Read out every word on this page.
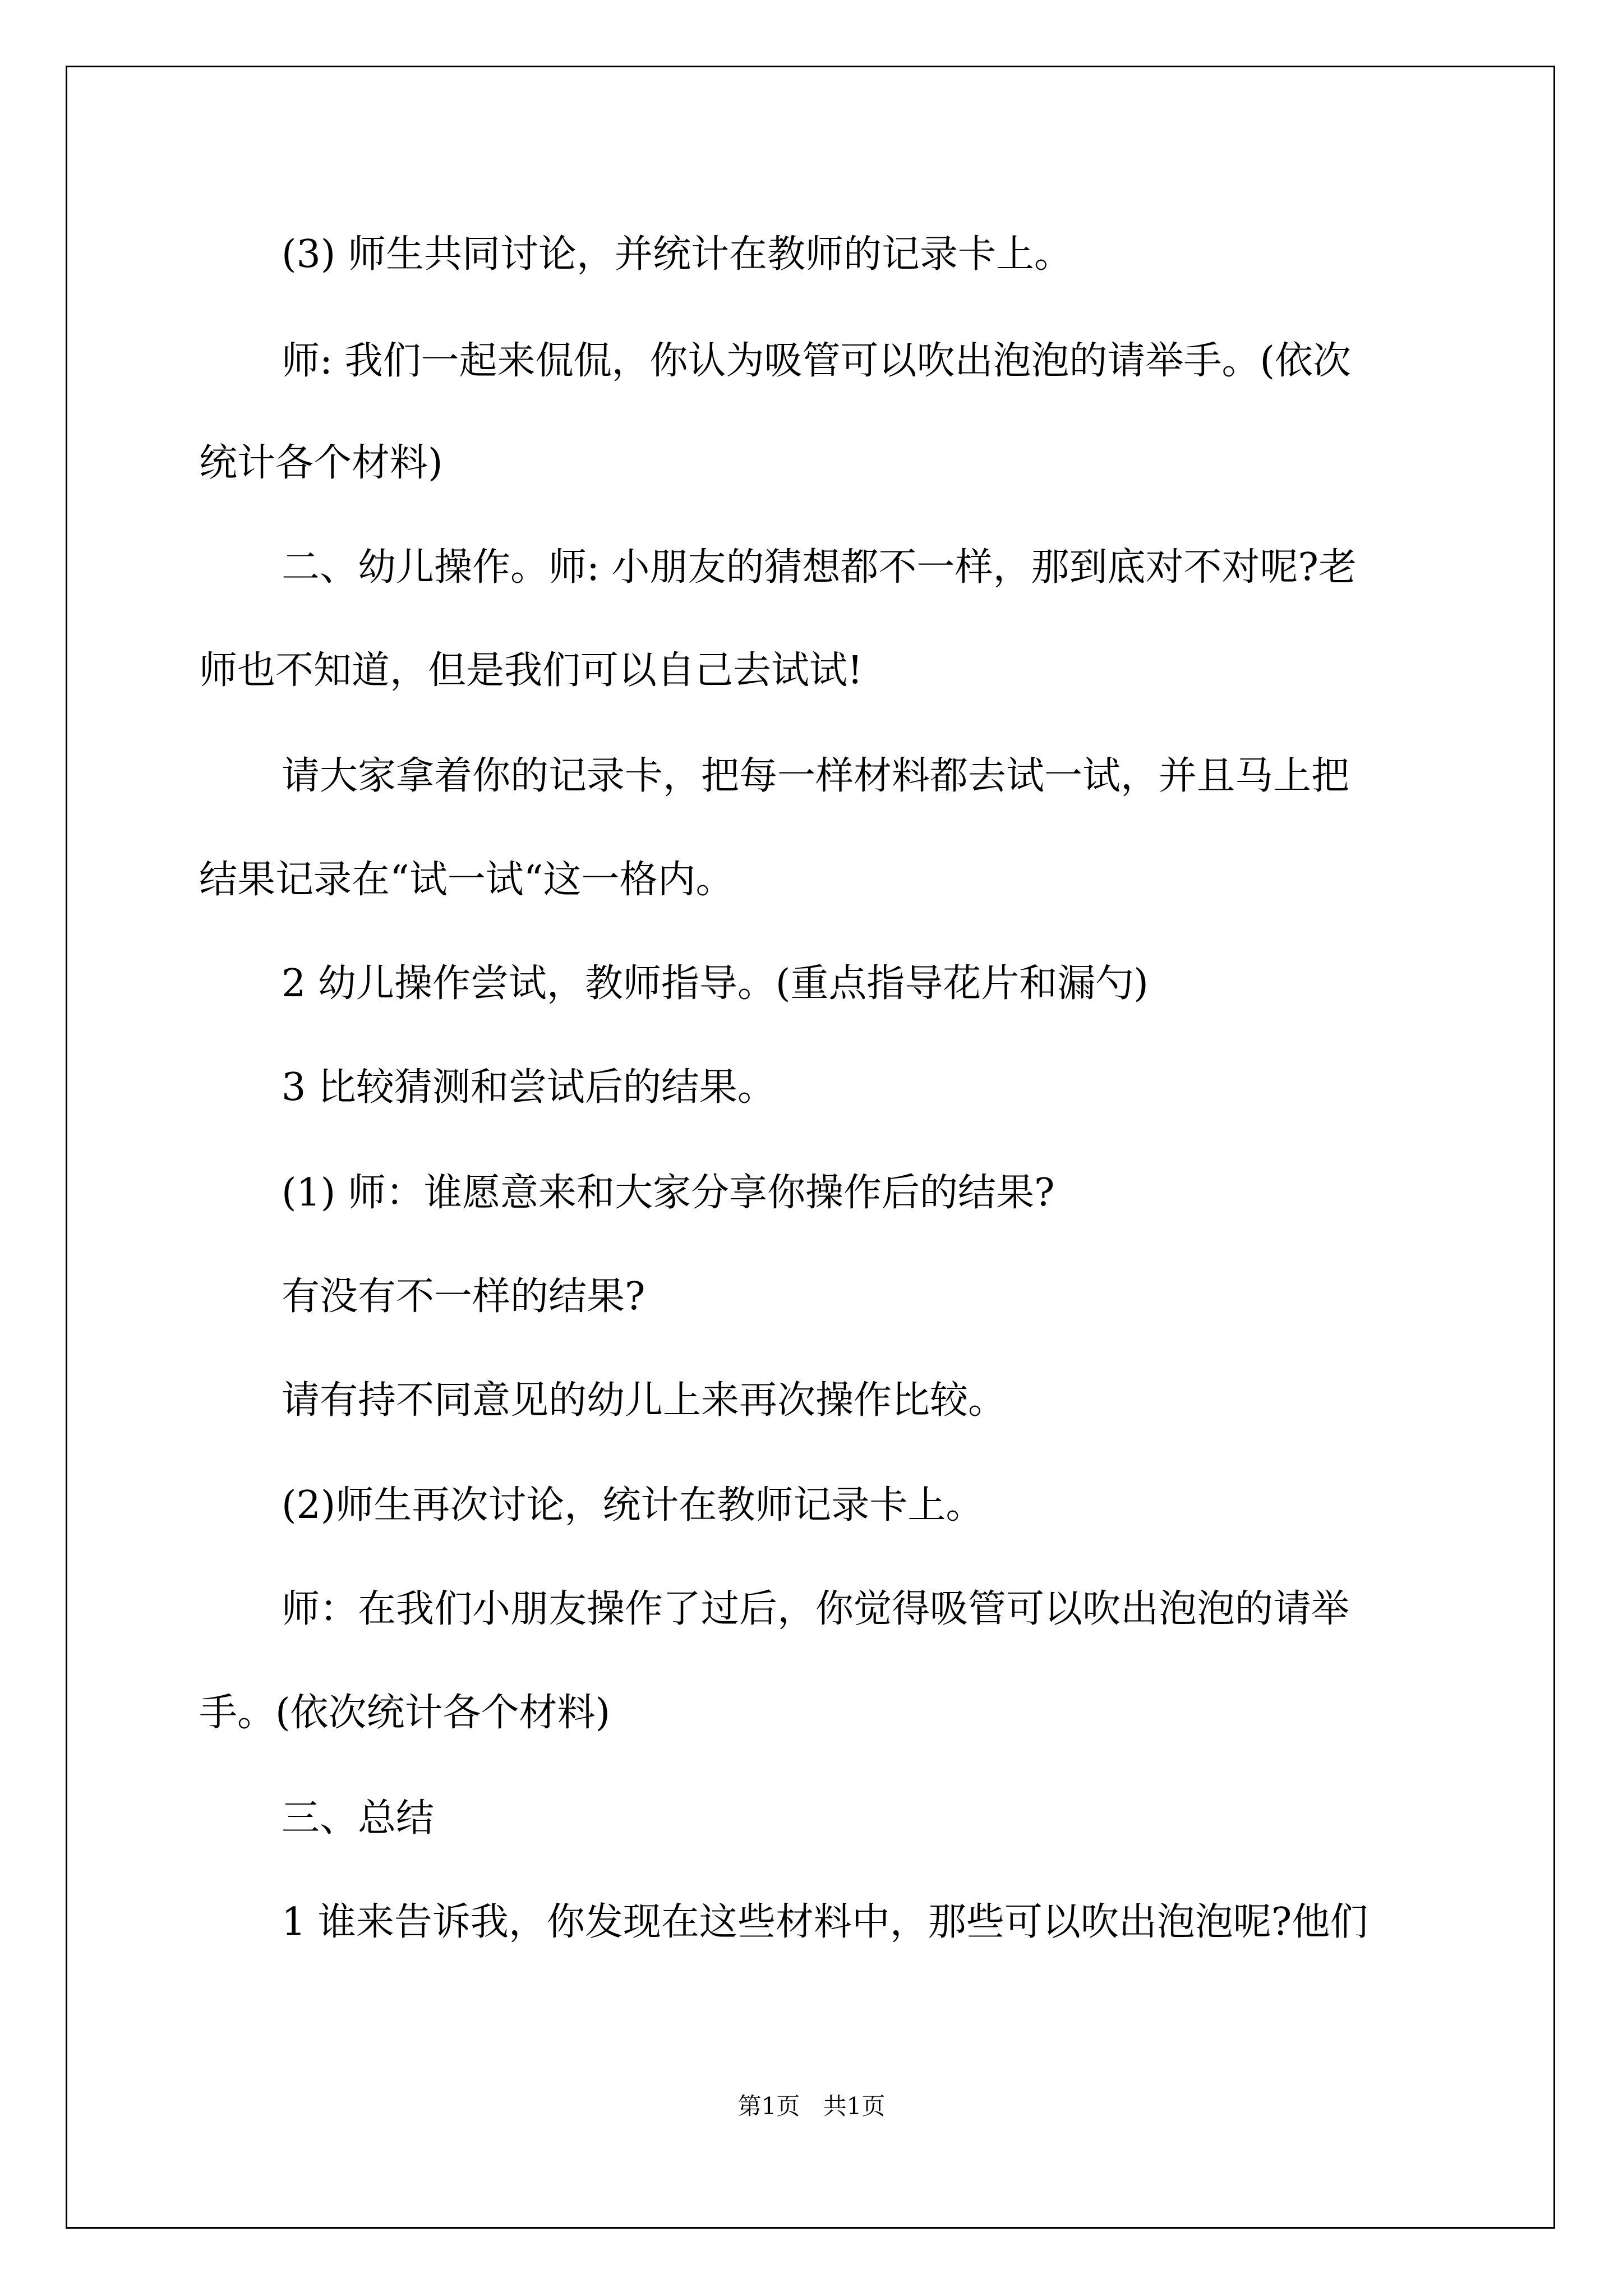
(3) 师生共同讨论，并统计在教师的记录卡上。

师: 我们一起来侃侃，你认为吸管可以吹出泡泡的请举手。(依次

统计各个材料)

二、幼儿操作。师: 小朋友的猜想都不一样，那到底对不对呢?老

师也不知道，但是我们可以自己去试试!

请大家拿着你的记录卡，把每一样材料都去试一试，并且马上把

结果记录在“试一试“这一格内。

2 幼儿操作尝试，教师指导。(重点指导花片和漏勺)

3 比较猜测和尝试后的结果。

(1) 师：谁愿意来和大家分享你操作后的结果?

有没有不一样的结果?

请有持不同意见的幼儿上来再次操作比较。

(2)师生再次讨论，统计在教师记录卡上。

师：在我们小朋友操作了过后，你觉得吸管可以吹出泡泡的请举

手。(依次统计各个材料)

三、总结

1 谁来告诉我，你发现在这些材料中，那些可以吹出泡泡呢?他们

第1页 共1页
